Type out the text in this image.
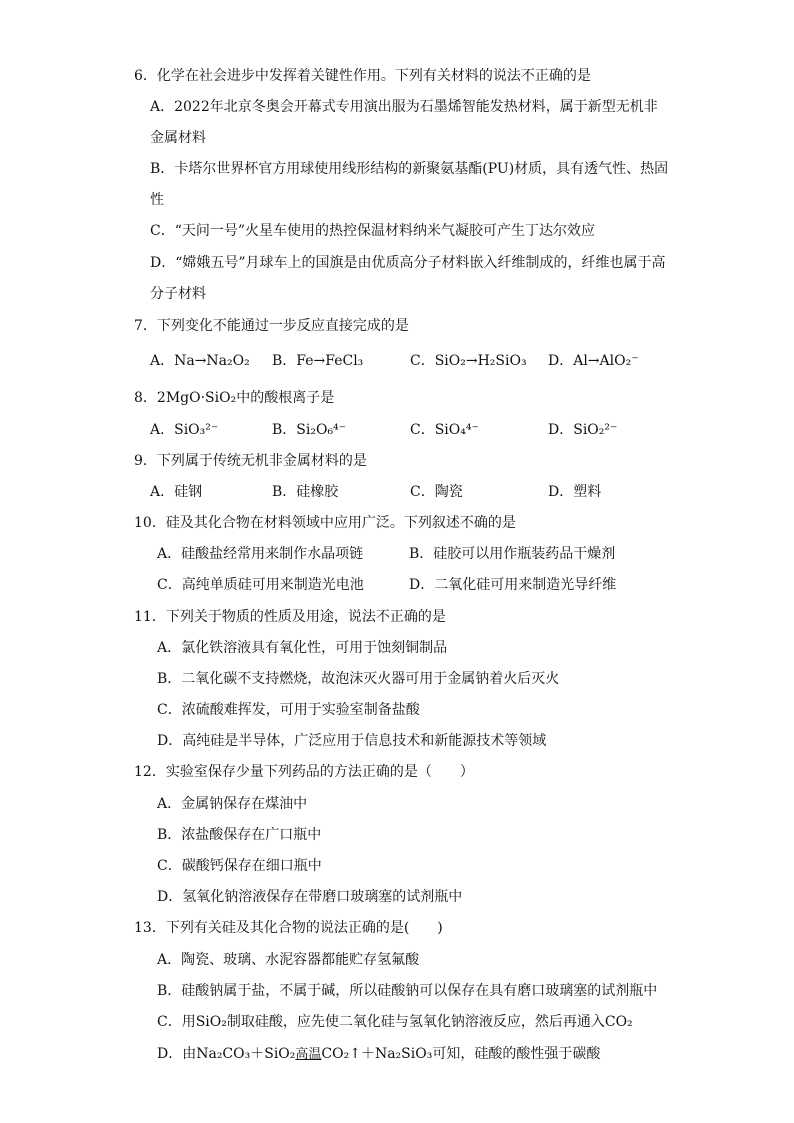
6．化学在社会进步中发挥着关键性作用。下列有关材料的说法不正确的是
A．2022年北京冬奥会开幕式专用演出服为石墨烯智能发热材料，属于新型无机非
金属材料
B．卡塔尔世界杯官方用球使用线形结构的新聚氨基酯(PU)材质，具有透气性、热固
性
C．“天问一号”火星车使用的热控保温材料纳米气凝胶可产生丁达尔效应
D．“嫦娥五号”月球车上的国旗是由优质高分子材料嵌入纤维制成的，纤维也属于高
分子材料
7．下列变化不能通过一步反应直接完成的是
A．Na→Na₂O₂ B．Fe→FeCl₃	C．SiO₂→H₂SiO₃ D．Al→AlO₂⁻
8．2MgO·SiO₂中的酸根离子是
A．SiO₃²⁻	B．Si₂O₆⁴⁻	C．SiO₄⁴⁻	D．SiO₂²⁻
9．下列属于传统无机非金属材料的是
A．硅钢	B．硅橡胶	C．陶瓷	D．塑料
10．硅及其化合物在材料领域中应用广泛。下列叙述不确的是
A．硅酸盐经常用来制作水晶项链	B．硅胶可以用作瓶装药品干燥剂
C．高纯单质硅可用来制造光电池	D．二氧化硅可用来制造光导纤维
11．下列关于物质的性质及用途，说法不正确的是
A．氯化铁溶液具有氧化性，可用于蚀刻铜制品
B．二氧化碳不支持燃烧，故泡沫灭火器可用于金属钠着火后灭火
C．浓硫酸难挥发，可用于实验室制备盐酸
D．高纯硅是半导体，广泛应用于信息技术和新能源技术等领域
12．实验室保存少量下列药品的方法正确的是（　　）
A．金属钠保存在煤油中
B．浓盐酸保存在广口瓶中
C．碳酸钙保存在细口瓶中
D．氢氧化钠溶液保存在带磨口玻璃塞的试剂瓶中
13．下列有关硅及其化合物的说法正确的是(　　)
A．陶瓷、玻璃、水泥容器都能贮存氢氟酸
B．硅酸钠属于盐，不属于碱，所以硅酸钠可以保存在具有磨口玻璃塞的试剂瓶中
C．用SiO₂制取硅酸，应先使二氧化硅与氢氧化钠溶液反应，然后再通入CO₂
D．由Na₂CO₃＋SiO₂ 高温 CO₂↑＋Na₂SiO₃可知，硅酸的酸性强于碳酸
